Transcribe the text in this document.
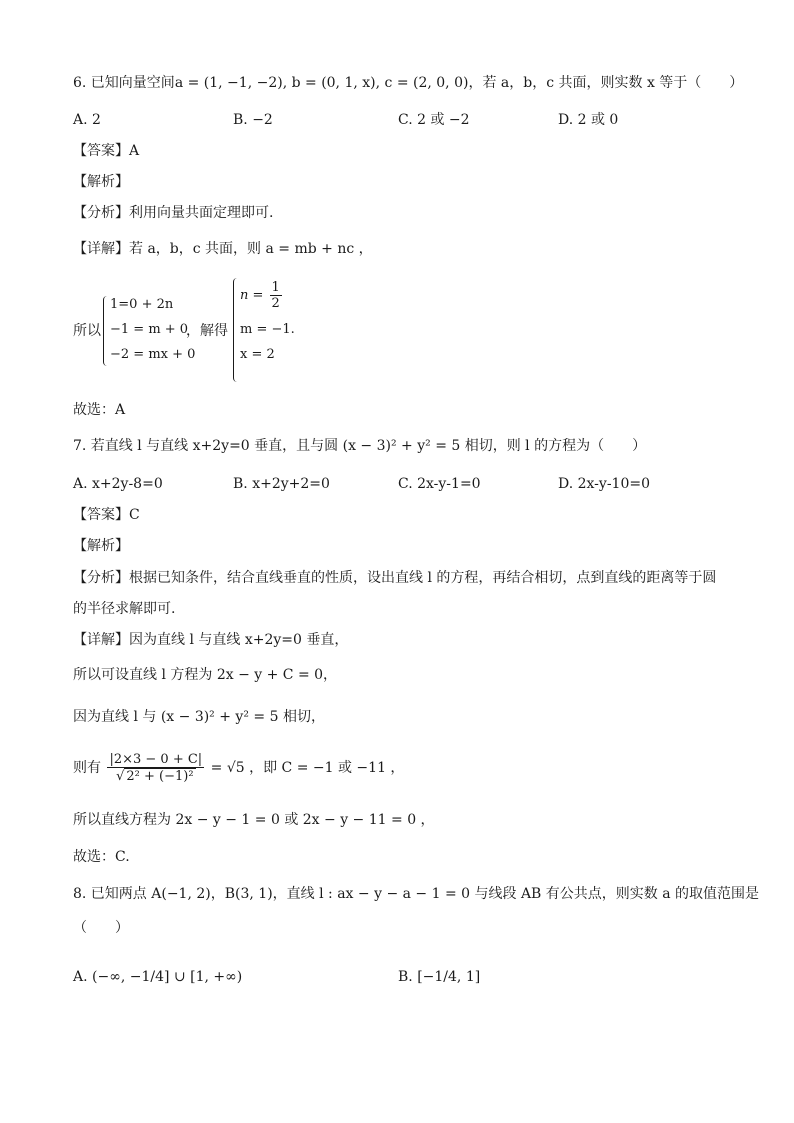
6. 已知向量空间a = (1, −1, −2), b = (0, 1, x), c = (2, 0, 0)，若 a，b，c 共面，则实数 x 等于（　　）
A. 2	B. −2	C. 2 或 −2	D. 2 或 0
【答案】A
【解析】
【分析】利用向量共面定理即可.
【详解】若 a，b，c 共面，则 a = mb + nc ，
所以
1=0 + 2n
−1 = m + 0
−2 = mx + 0
，解得
$n = \frac{1}{2}$
m = −1.
x = 2
故选：A
7. 若直线 l 与直线 x+2y=0 垂直，且与圆 (x − 3)² + y² = 5 相切，则 l 的方程为（　　）
A. x+2y-8=0	B. x+2y+2=0	C. 2x-y-1=0	D. 2x-y-10=0
【答案】C
【解析】
【分析】根据已知条件，结合直线垂直的性质，设出直线 l 的方程，再结合相切，点到直线的距离等于圆
的半径求解即可.
【详解】因为直线 l 与直线 x+2y=0 垂直，
所以可设直线 l 方程为 2x − y + C = 0，
因为直线 l 与 (x − 3)² + y² = 5 相切，
则有 $\frac{|2\times 3 - 0 + C|}{\text{√ 2² + (−1)²}} = √5$ ，即 C = −1 或 −11 ，
所以直线方程为 2x − y − 1 = 0 或 2x − y − 11 = 0 ，
故选：C.
8. 已知两点 A(−1, 2)，B(3, 1)，直线 l : ax − y − a − 1 = 0 与线段 AB 有公共点，则实数 a 的取值范围是
（　　）
A. (−∞, −1/4] ∪ [1, +∞)	B. [−1/4, 1]
